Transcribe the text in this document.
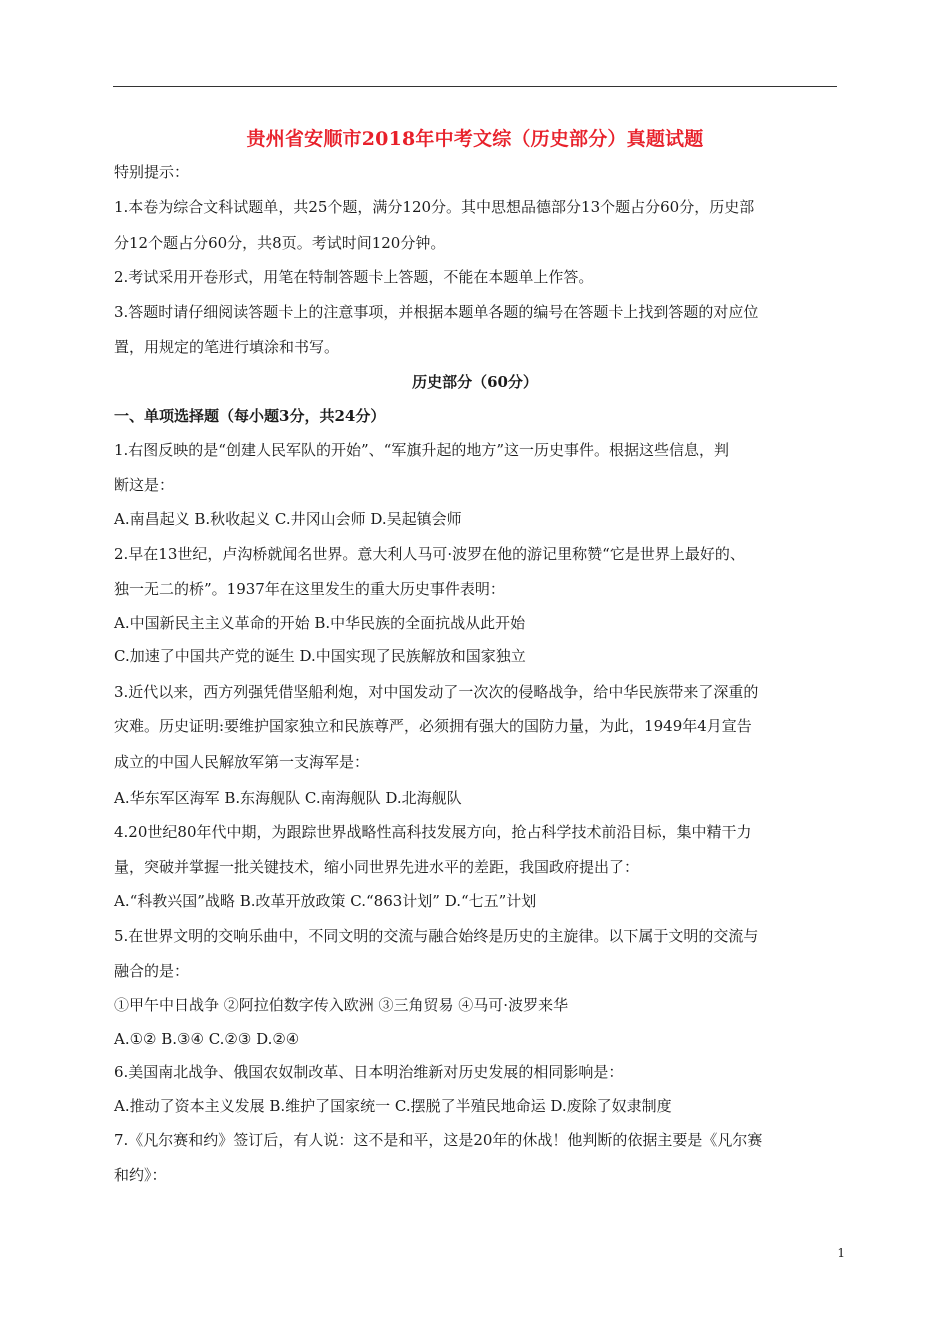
贵州省安顺市2018年中考文综（历史部分）真题试题
特别提示：
1.本卷为综合文科试题单，共25个题，满分120分。其中思想品德部分13个题占分60分，历史部
分12个题占分60分，共8页。考试时间120分钟。
2.考试采用开卷形式，用笔在特制答题卡上答题，不能在本题单上作答。
3.答题时请仔细阅读答题卡上的注意事项，并根据本题单各题的编号在答题卡上找到答题的对应位
置，用规定的笔进行填涂和书写。
历史部分（60分）
一、单项选择题（每小题3分，共24分）
1.右图反映的是“创建人民军队的开始”、“军旗升起的地方”这一历史事件。根据这些信息，判
断这是：
A.南昌起义 B.秋收起义 C.井冈山会师 D.吴起镇会师
2.早在13世纪，卢沟桥就闻名世界。意大利人马可·波罗在他的游记里称赞“它是世界上最好的、
独一无二的桥”。1937年在这里发生的重大历史事件表明：
A.中国新民主主义革命的开始 B.中华民族的全面抗战从此开始
C.加速了中国共产党的诞生 D.中国实现了民族解放和国家独立
3.近代以来，西方列强凭借坚船利炮，对中国发动了一次次的侵略战争，给中华民族带来了深重的
灾难。历史证明:要维护国家独立和民族尊严，必须拥有强大的国防力量，为此，1949年4月宣告
成立的中国人民解放军第一支海军是：
A.华东军区海军 B.东海舰队 C.南海舰队 D.北海舰队
4.20世纪80年代中期，为跟踪世界战略性高科技发展方向，抢占科学技术前沿目标，集中精干力
量，突破并掌握一批关键技术，缩小同世界先进水平的差距，我国政府提出了：
A.“科教兴国”战略 B.改革开放政策 C.“863计划” D.“七五”计划
5.在世界文明的交响乐曲中，不同文明的交流与融合始终是历史的主旋律。以下属于文明的交流与
融合的是：
①甲午中日战争 ②阿拉伯数字传入欧洲 ③三角贸易 ④马可·波罗来华
A.①② B.③④ C.②③ D.②④
6.美国南北战争、俄国农奴制改革、日本明治维新对历史发展的相同影响是：
A.推动了资本主义发展 B.维护了国家统一 C.摆脱了半殖民地命运 D.废除了奴隶制度
7.《凡尔赛和约》签订后，有人说：这不是和平，这是20年的休战！他判断的依据主要是《凡尔赛
和约》：
1
